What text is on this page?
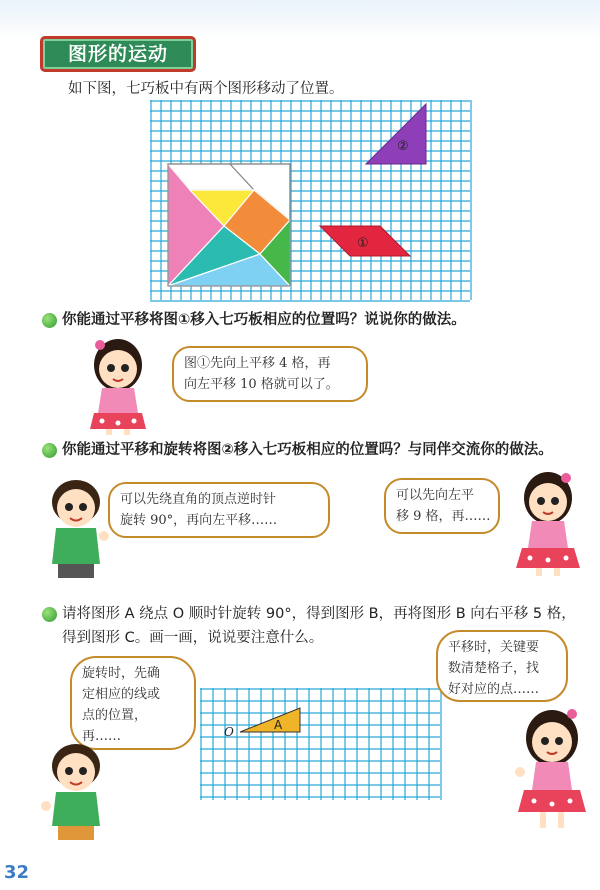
图形的运动
如下图，七巧板中有两个图形移动了位置。
②
①
你能通过平移将图①移入七巧板相应的位置吗？说说你的做法。
图①先向上平移 4 格，再
向左平移 10 格就可以了。
你能通过平移和旋转将图②移入七巧板相应的位置吗？与同伴交流你的做法。
可以先绕直角的顶点逆时针
旋转 90°，再向左平移……
可以先向左平
移 9 格，再……
请将图形 A 绕点 O 顺时针旋转 90°，得到图形 B，再将图形 B 向右平移 5 格，
得到图形 C。画一画，说说要注意什么。
旋转时，先确
定相应的线或
点的位置，
再……
A
O
平移时，关键要
数清楚格子，找
好对应的点……
32
